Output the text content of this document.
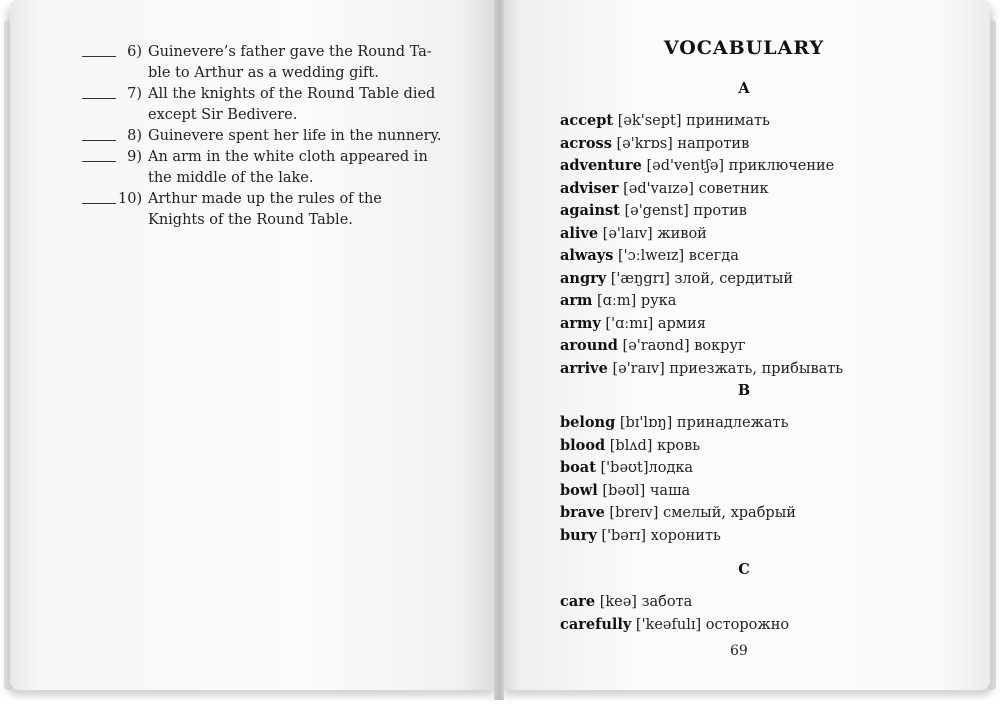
6) Guinevere’s father gave the Round Ta-
ble to Arthur as a wedding gift.
7) All the knights of the Round Table died
except Sir Bedivere.
8) Guinevere spent her life in the nunnery.
9) An arm in the white cloth appeared in
the middle of the lake.
10) Arthur made up the rules of the
Knights of the Round Table.
VOCABULARY
A
accept [ək'sept] принимать
across [ə'krɒs] напротив
adventure [əd'ventʃə] приключение
adviser [əd'vaɪzə] советник
against [ə'genst] против
alive [ə'laɪv] живой
always ['ɔːlweɪz] всегда
angry ['æŋgrɪ] злой, сердитый
arm [ɑːm] рука
army ['ɑːmɪ] армия
around [ə'raʊnd] вокруг
arrive [ə'raɪv] приезжать, прибывать
B
belong [bɪ'lɒŋ] принадлежать
blood [blʌd] кровь
boat ['bəʊt]лодка
bowl [bəʊl] чаша
brave [breɪv] смелый, храбрый
bury ['bərɪ] хоронить
C
care [keə] забота
carefully ['keəfulɪ] осторожно
69
